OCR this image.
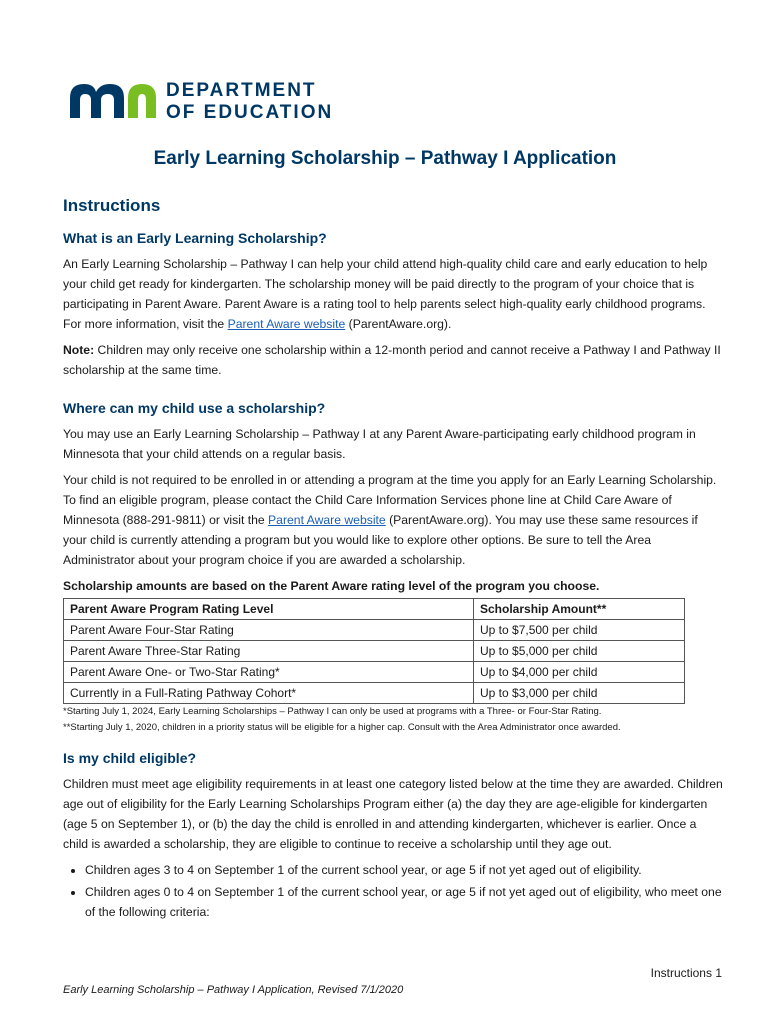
DEPARTMENT
OF EDUCATION
Early Learning Scholarship – Pathway I Application
Instructions
What is an Early Learning Scholarship?

An Early Learning Scholarship – Pathway I can help your child attend high-quality child care and early education to help your child get ready for kindergarten. The scholarship money will be paid directly to the program of your choice that is participating in Parent Aware. Parent Aware is a rating tool to help parents select high-quality early childhood programs. For more information, visit the Parent Aware website (ParentAware.org).

Note: Children may only receive one scholarship within a 12-month period and cannot receive a Pathway I and Pathway II scholarship at the same time.

Where can my child use a scholarship?

You may use an Early Learning Scholarship – Pathway I at any Parent Aware-participating early childhood program in Minnesota that your child attends on a regular basis.

Your child is not required to be enrolled in or attending a program at the time you apply for an Early Learning Scholarship. To find an eligible program, please contact the Child Care Information Services phone line at Child Care Aware of Minnesota (888-291-9811) or visit the Parent Aware website (ParentAware.org). You may use these same resources if your child is currently attending a program but you would like to explore other options. Be sure to tell the Area Administrator about your program choice if you are awarded a scholarship.

Scholarship amounts are based on the Parent Aware rating level of the program you choose.

Parent Aware Program Rating Level	Scholarship Amount**
Parent Aware Four-Star Rating	Up to $7,500 per child
Parent Aware Three-Star Rating	Up to $5,000 per child
Parent Aware One- or Two-Star Rating*	Up to $4,000 per child
Currently in a Full-Rating Pathway Cohort*	Up to $3,000 per child
*Starting July 1, 2024, Early Learning Scholarships – Pathway I can only be used at programs with a Three- or Four-Star Rating.
**Starting July 1, 2020, children in a priority status will be eligible for a higher cap. Consult with the Area Administrator once awarded.
Is my child eligible?

Children must meet age eligibility requirements in at least one category listed below at the time they are awarded. Children age out of eligibility for the Early Learning Scholarships Program either (a) the day they are age-eligible for kindergarten (age 5 on September 1), or (b) the day the child is enrolled in and attending kindergarten, whichever is earlier. Once a child is awarded a scholarship, they are eligible to continue to receive a scholarship until they age out.

• Children ages 3 to 4 on September 1 of the current school year, or age 5 if not yet aged out of eligibility.
• Children ages 0 to 4 on September 1 of the current school year, or age 5 if not yet aged out of eligibility, who meet one of the following criteria:
Instructions 1
Early Learning Scholarship – Pathway I Application, Revised 7/1/2020
